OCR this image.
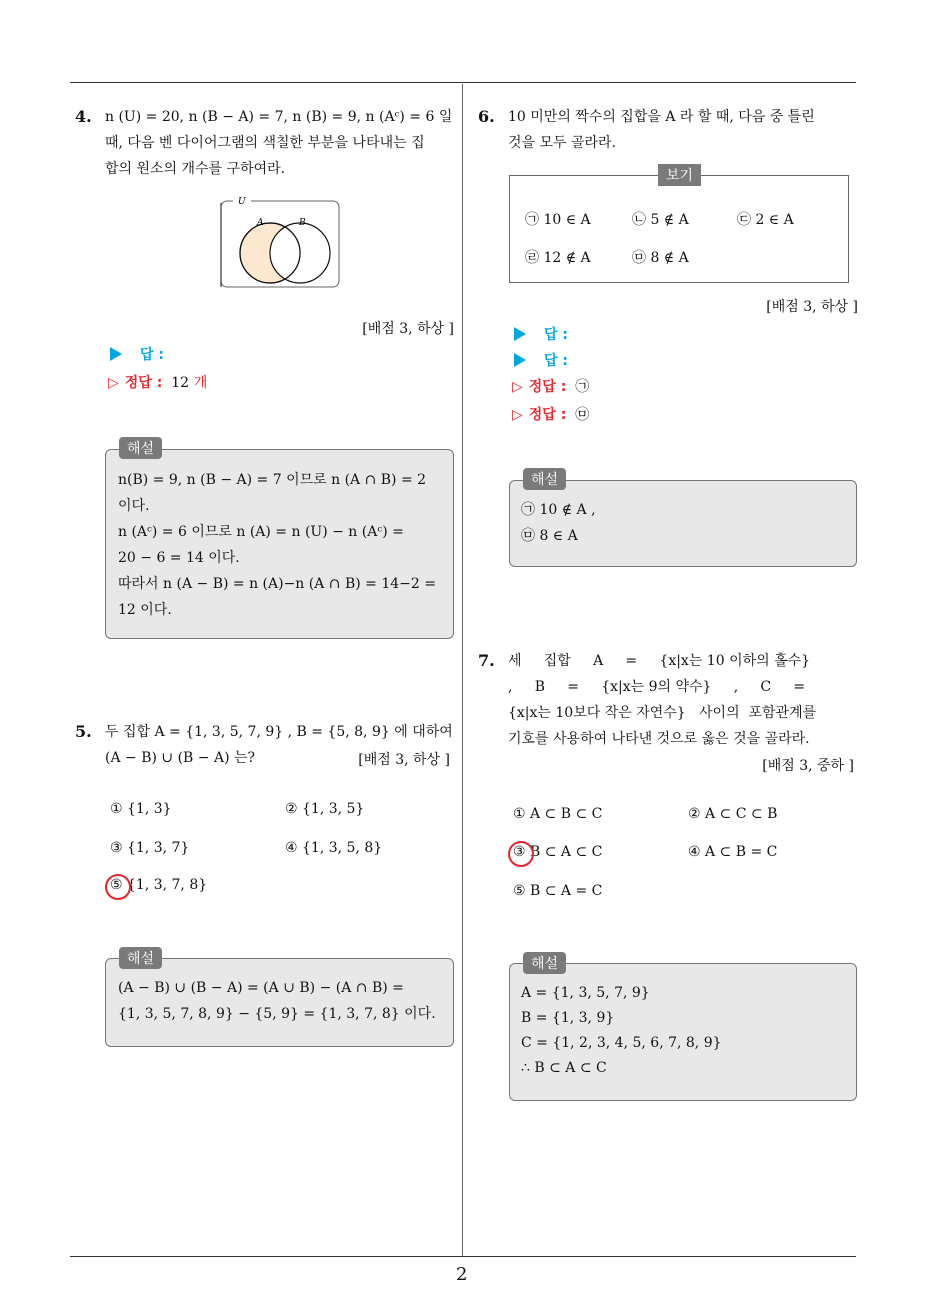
2
4. n (U) = 20, n (B − A) = 7, n (B) = 9, n (Aᶜ) = 6 일
때, 다음 벤 다이어그램의 색칠한 부분을 나타내는 집
합의 원소의 개수를 구하여라.
U
A	B
[배점 3, 하상 ]
답 :
▷ 정답 : 12 개
해설
n(B) = 9, n (B − A) = 7 이므로 n (A ∩ B) = 2
이다.
n (Aᶜ) = 6 이므로 n (A) = n (U) − n (Aᶜ) =
20 − 6 = 14 이다.
따라서 n (A − B) = n (A)−n (A ∩ B) = 14−2 =
12 이다.
5. 두 집합 A = {1, 3, 5, 7, 9} , B = {5, 8, 9} 에 대하여
(A − B) ∪ (B − A) 는?	[배점 3, 하상 ]
① {1, 3}	② {1, 3, 5}
③ {1, 3, 7}	④ {1, 3, 5, 8}
⑤ {1, 3, 7, 8}
해설
(A − B) ∪ (B − A) = (A ∪ B) − (A ∩ B) =
{1, 3, 5, 7, 8, 9} − {5, 9} = {1, 3, 7, 8} 이다.
6. 10 미만의 짝수의 집합을 A 라 할 때, 다음 중 틀린
것을 모두 골라라.
보기
㉠ 10 ∈ A	㉡ 5 ∉ A	㉢ 2 ∈ A
㉣ 12 ∉ A	㉤ 8 ∉ A
[배점 3, 하상 ]
답 :
답 :
▷ 정답 : ㉠
▷ 정답 : ㉤
해설
㉠ 10 ∉ A ,
㉤ 8 ∈ A
7. 세     집합     A     =     {x|x는 10 이하의 홀수}
,     B     =     {x|x는 9의 약수}     ,     C     =
{x|x는 10보다 작은 자연수}   사이의  포함관계를
기호를 사용하여 나타낸 것으로 옳은 것을 골라라.
[배점 3, 중하 ]
① A ⊂ B ⊂ C	② A ⊂ C ⊂ B
③ B ⊂ A ⊂ C	④ A ⊂ B = C
⑤ B ⊂ A = C
해설
A = {1, 3, 5, 7, 9}
B = {1, 3, 9}
C = {1, 2, 3, 4, 5, 6, 7, 8, 9}
∴ B ⊂ A ⊂ C
